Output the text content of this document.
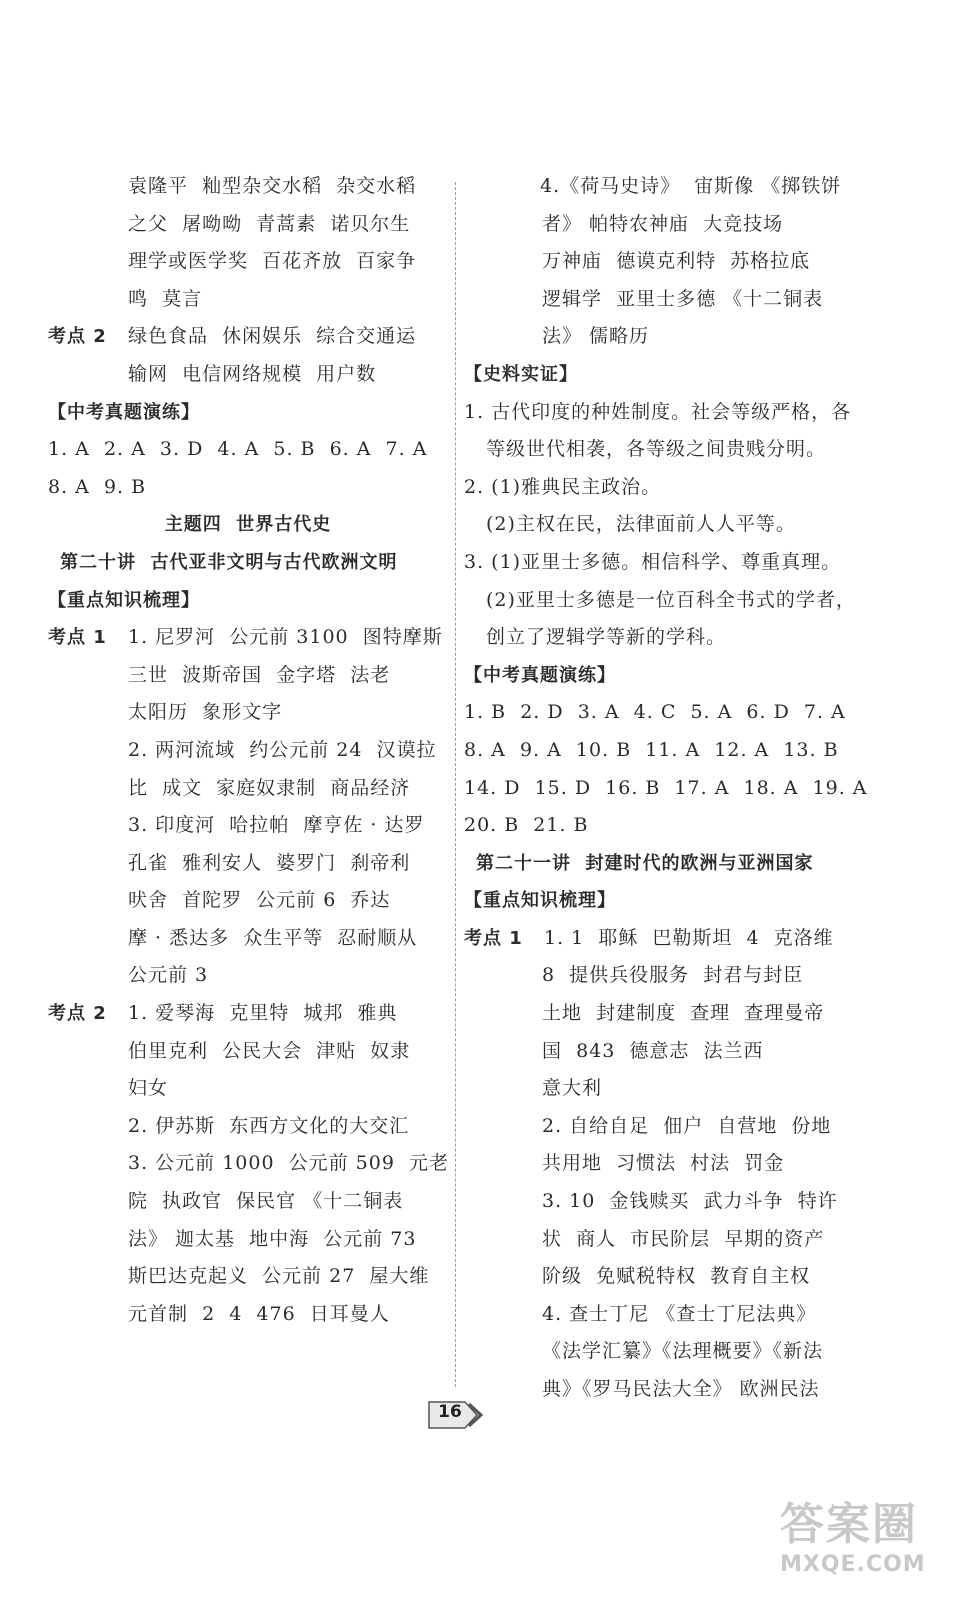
袁隆平  籼型杂交水稻  杂交水稻
之父  屠呦呦  青蒿素  诺贝尔生
理学或医学奖  百花齐放  百家争
鸣  莫言
考点 2	绿色食品  休闲娱乐  综合交通运
输网  电信网络规模  用户数
【中考真题演练】
1. A  2. A  3. D  4. A  5. B  6. A  7. A
8. A  9. B
主题四  世界古代史
第二十讲  古代亚非文明与古代欧洲文明
【重点知识梳理】
考点 1	1. 尼罗河  公元前 3100  图特摩斯
三世  波斯帝国  金字塔  法老
太阳历  象形文字
2. 两河流域  约公元前 24  汉谟拉
比  成文  家庭奴隶制  商品经济
3. 印度河  哈拉帕  摩亨佐 · 达罗
孔雀  雅利安人  婆罗门  刹帝利
吠舍  首陀罗  公元前 6  乔达
摩 · 悉达多  众生平等  忍耐顺从
公元前 3
考点 2	1. 爱琴海  克里特  城邦  雅典
伯里克利  公民大会  津贴  奴隶
妇女
2. 伊苏斯  东西方文化的大交汇
3. 公元前 1000  公元前 509  元老
院  执政官  保民官 《十二铜表
法》 迦太基  地中海  公元前 73
斯巴达克起义  公元前 27  屋大维
元首制  2  4  476  日耳曼人
4.《荷马史诗》  宙斯像 《掷铁饼
者》 帕特农神庙  大竞技场
万神庙  德谟克利特  苏格拉底
逻辑学  亚里士多德 《十二铜表
法》 儒略历
【史料实证】
1. 古代印度的种姓制度。社会等级严格，各
等级世代相袭，各等级之间贵贱分明。
2. (1)雅典民主政治。
(2)主权在民，法律面前人人平等。
3. (1)亚里士多德。相信科学、尊重真理。
(2)亚里士多德是一位百科全书式的学者，
创立了逻辑学等新的学科。
【中考真题演练】
1. B  2. D  3. A  4. C  5. A  6. D  7. A
8. A  9. A  10. B  11. A  12. A  13. B
14. D  15. D  16. B  17. A  18. A  19. A
20. B  21. B
第二十一讲  封建时代的欧洲与亚洲国家
【重点知识梳理】
考点 1	1. 1  耶稣  巴勒斯坦  4  克洛维
8  提供兵役服务  封君与封臣
土地  封建制度  查理  查理曼帝
国  843  德意志  法兰西
意大利
2. 自给自足  佃户  自营地  份地
共用地  习惯法  村法  罚金
3. 10  金钱赎买  武力斗争  特许
状  商人  市民阶层  早期的资产
阶级  免赋税特权  教育自主权
4. 查士丁尼 《查士丁尼法典》
《法学汇纂》《法理概要》《新法
典》《罗马民法大全》 欧洲民法
16
答案圈
MXQE.COM
